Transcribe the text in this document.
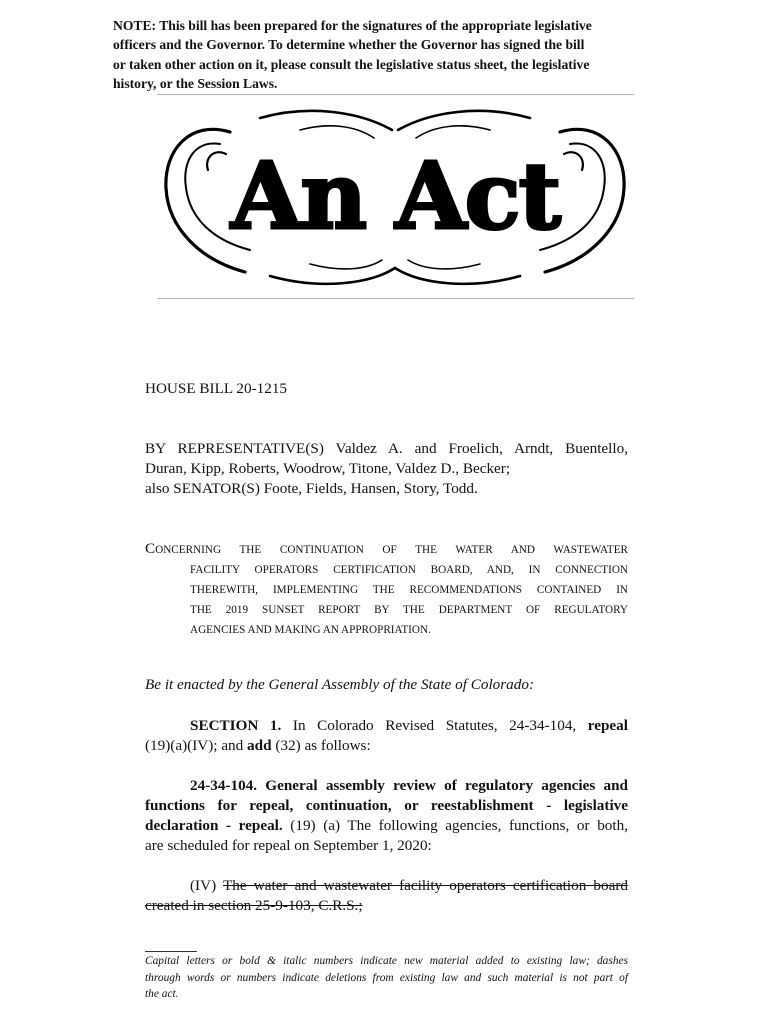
NOTE: This bill has been prepared for the signatures of the appropriate legislative
officers and the Governor. To determine whether the Governor has signed the bill
or taken other action on it, please consult the legislative status sheet, the legislative
history, or the Session Laws.
An Act
HOUSE BILL 20-1215
BY REPRESENTATIVE(S) Valdez A. and Froelich, Arndt, Buentello,
Duran, Kipp, Roberts, Woodrow, Titone, Valdez D., Becker;
also SENATOR(S) Foote, Fields, Hansen, Story, Todd.
CONCERNING THE CONTINUATION OF THE WATER AND WASTEWATER
FACILITY OPERATORS CERTIFICATION BOARD, AND, IN CONNECTION
THEREWITH, IMPLEMENTING THE RECOMMENDATIONS CONTAINED IN
THE 2019 SUNSET REPORT BY THE DEPARTMENT OF REGULATORY
AGENCIES AND MAKING AN APPROPRIATION.
Be it enacted by the General Assembly of the State of Colorado:
SECTION 1. In Colorado Revised Statutes, 24-34-104, repeal
(19)(a)(IV); and add (32) as follows:
24-34-104. General assembly review of regulatory agencies and
functions for repeal, continuation, or reestablishment - legislative
declaration - repeal. (19) (a) The following agencies, functions, or both,
are scheduled for repeal on September 1, 2020:
(IV) The water and wastewater facility operators certification board
created in section 25-9-103, C.R.S.;
Capital letters or bold & italic numbers indicate new material added to existing law; dashes
through words or numbers indicate deletions from existing law and such material is not part of
the act.
